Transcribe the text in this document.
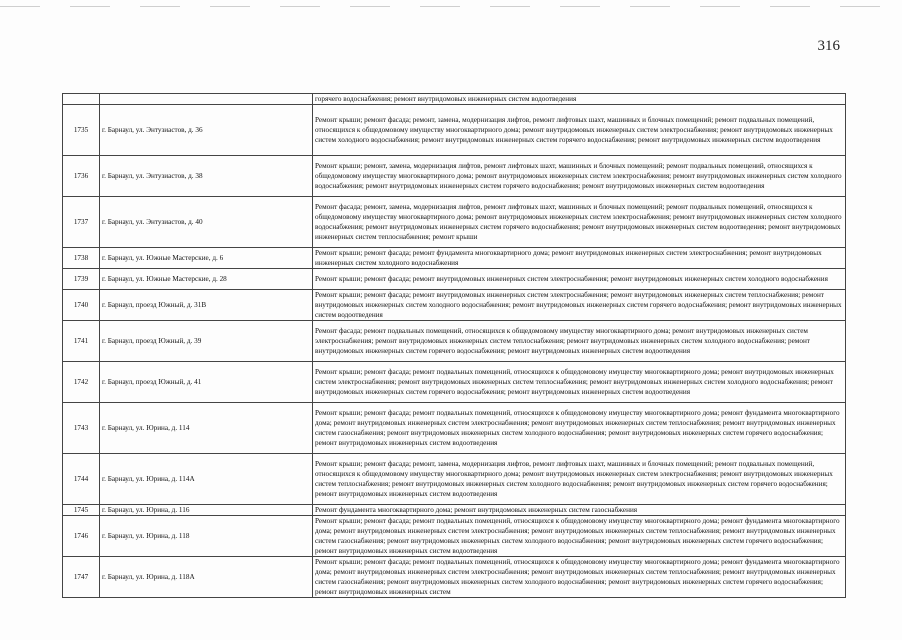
316
		горячего водоснабжения; ремонт внутридомовых инженерных систем водоотведения
1735	г. Барнаул, ул. Энтузиастов, д. 36	Ремонт крыши; ремонт фасада; ремонт, замена, модернизация лифтов, ремонт лифтовых шахт, машинных и блочных помещений; ремонт подвальных помещений, относящихся к общедомовому имуществу многоквартирного дома; ремонт внутридомовых инженерных систем электроснабжения; ремонт внутридомовых инженерных систем холодного водоснабжения; ремонт внутридомовых инженерных систем горячего водоснабжения; ремонт внутридомовых инженерных систем водоотведения
1736	г. Барнаул, ул. Энтузиастов, д. 38	Ремонт крыши; ремонт, замена, модернизация лифтов, ремонт лифтовых шахт, машинных и блочных помещений; ремонт подвальных помещений, относящихся к общедомовому имуществу многоквартирного дома; ремонт внутридомовых инженерных систем электроснабжения; ремонт внутридомовых инженерных систем холодного водоснабжения; ремонт внутридомовых инженерных систем горячего водоснабжения; ремонт внутридомовых инженерных систем водоотведения
1737	г. Барнаул, ул. Энтузиастов, д. 40	Ремонт фасада; ремонт, замена, модернизация лифтов, ремонт лифтовых шахт, машинных и блочных помещений; ремонт подвальных помещений, относящихся к общедомовому имуществу многоквартирного дома; ремонт внутридомовых инженерных систем электроснабжения; ремонт внутридомовых инженерных систем холодного водоснабжения; ремонт внутридомовых инженерных систем горячего водоснабжения; ремонт внутридомовых инженерных систем водоотведения; ремонт внутридомовых инженерных систем теплоснабжения; ремонт крыши
1738	г. Барнаул, ул. Южные Мастерские, д. 6	Ремонт крыши; ремонт фасада; ремонт фундамента многоквартирного дома; ремонт внутридомовых инженерных систем электроснабжения; ремонт внутридомовых инженерных систем холодного водоснабжения
1739	г. Барнаул, ул. Южные Мастерские, д. 28	Ремонт крыши; ремонт фасада; ремонт внутридомовых инженерных систем электроснабжения; ремонт внутридомовых инженерных систем холодного водоснабжения
1740	г. Барнаул, проезд Южный, д. 31В	Ремонт крыши; ремонт фасада; ремонт внутридомовых инженерных систем электроснабжения; ремонт внутридомовых инженерных систем теплоснабжения; ремонт внутридомовых инженерных систем холодного водоснабжения; ремонт внутридомовых инженерных систем горячего водоснабжения; ремонт внутридомовых инженерных систем водоотведения
1741	г. Барнаул, проезд Южный, д. 39	Ремонт фасада; ремонт подвальных помещений, относящихся к общедомовому имуществу многоквартирного дома; ремонт внутридомовых инженерных систем электроснабжения; ремонт внутридомовых инженерных систем теплоснабжения; ремонт внутридомовых инженерных систем холодного водоснабжения; ремонт внутридомовых инженерных систем горячего водоснабжения; ремонт внутридомовых инженерных систем водоотведения
1742	г. Барнаул, проезд Южный, д. 41	Ремонт крыши; ремонт фасада; ремонт подвальных помещений, относящихся к общедомовому имуществу многоквартирного дома; ремонт внутридомовых инженерных систем электроснабжения; ремонт внутридомовых инженерных систем теплоснабжения; ремонт внутридомовых инженерных систем холодного водоснабжения; ремонт внутридомовых инженерных систем горячего водоснабжения; ремонт внутридомовых инженерных систем водоотведения
1743	г. Барнаул, ул. Юрина, д. 114	Ремонт крыши; ремонт фасада; ремонт подвальных помещений, относящихся к общедомовому имуществу многоквартирного дома; ремонт фундамента многоквартирного дома; ремонт внутридомовых инженерных систем электроснабжения; ремонт внутридомовых инженерных систем теплоснабжения; ремонт внутридомовых инженерных систем газоснабжения; ремонт внутридомовых инженерных систем холодного водоснабжения; ремонт внутридомовых инженерных систем горячего водоснабжения; ремонт внутридомовых инженерных систем водоотведения
1744	г. Барнаул, ул. Юрина, д. 114А	Ремонт крыши; ремонт фасада; ремонт, замена, модернизация лифтов, ремонт лифтовых шахт, машинных и блочных помещений; ремонт подвальных помещений, относящихся к общедомовому имуществу многоквартирного дома; ремонт внутридомовых инженерных систем электроснабжения; ремонт внутридомовых инженерных систем теплоснабжения; ремонт внутридомовых инженерных систем холодного водоснабжения; ремонт внутридомовых инженерных систем горячего водоснабжения; ремонт внутридомовых инженерных систем водоотведения
1745	г. Барнаул, ул. Юрина, д. 116	Ремонт фундамента многоквартирного дома; ремонт внутридомовых инженерных систем газоснабжения
1746	г. Барнаул, ул. Юрина, д. 118	Ремонт крыши; ремонт фасада; ремонт подвальных помещений, относящихся к общедомовому имуществу многоквартирного дома; ремонт фундамента многоквартирного дома; ремонт внутридомовых инженерных систем электроснабжения; ремонт внутридомовых инженерных систем теплоснабжения; ремонт внутридомовых инженерных систем газоснабжения; ремонт внутридомовых инженерных систем холодного водоснабжения; ремонт внутридомовых инженерных систем горячего водоснабжения; ремонт внутридомовых инженерных систем водоотведения
1747	г. Барнаул, ул. Юрина, д. 118А	Ремонт крыши; ремонт фасада; ремонт подвальных помещений, относящихся к общедомовому имуществу многоквартирного дома; ремонт фундамента многоквартирного дома; ремонт внутридомовых инженерных систем электроснабжения; ремонт внутридомовых инженерных систем теплоснабжения; ремонт внутридомовых инженерных систем газоснабжения; ремонт внутридомовых инженерных систем холодного водоснабжения; ремонт внутридомовых инженерных систем горячего водоснабжения; ремонт внутридомовых инженерных систем
